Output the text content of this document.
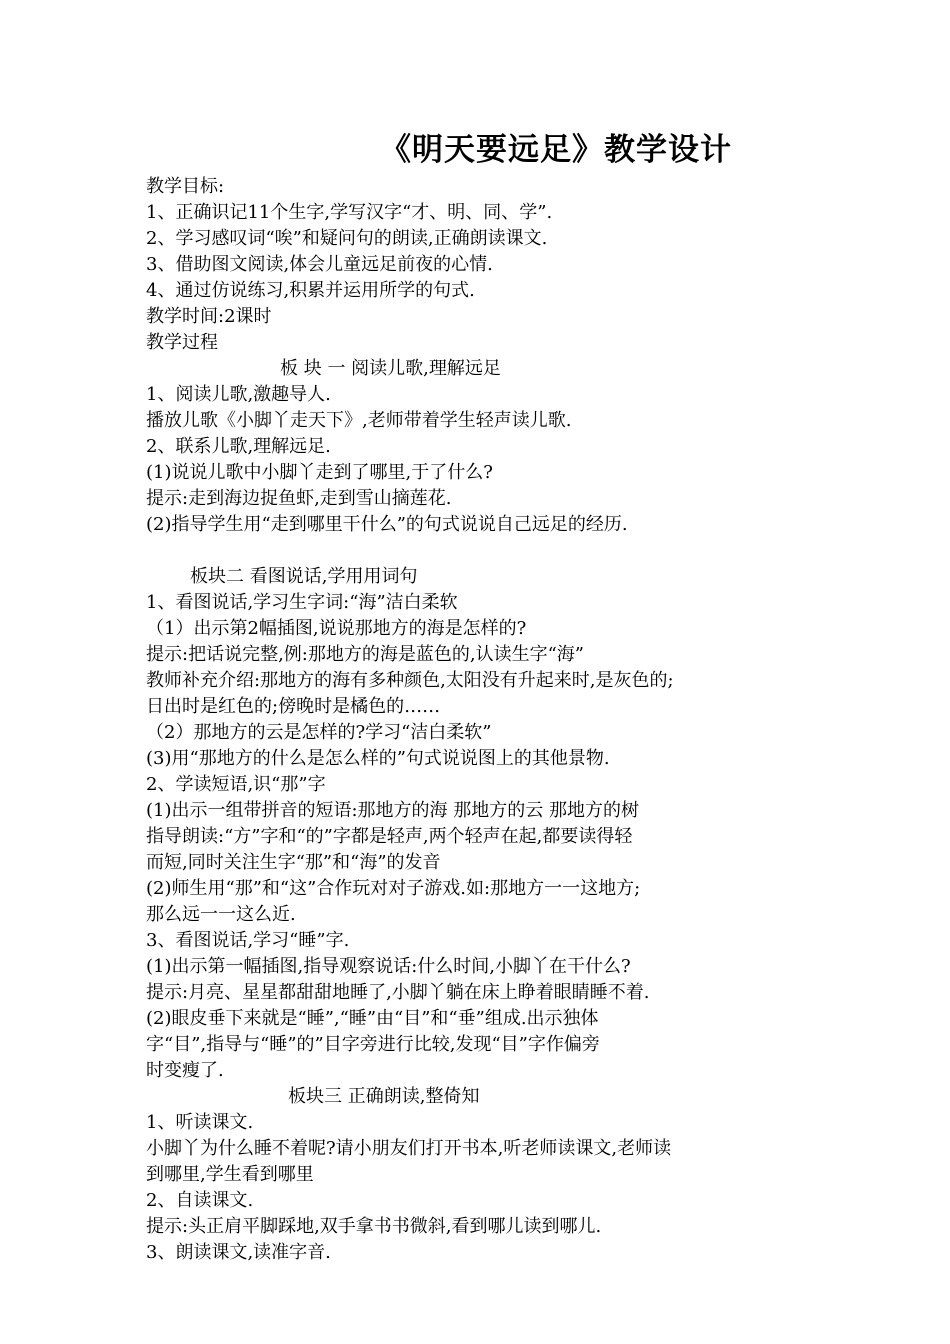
《明天要远足》教学设计
教学目标:
1、正确识记11个生字,学写汉字“才、明、同、学”.
2、学习感叹词“唉”和疑问句的朗读,正确朗读课文.
3、借助图文阅读,体会儿童远足前夜的心情.
4、通过仿说练习,积累并运用所学的句式.
教学时间:2课时
教学过程
板 块 一 阅读儿歌,理解远足
1、阅读儿歌,激趣导人.
播放儿歌《小脚丫走天下》,老师带着学生轻声读儿歌.
2、联系儿歌,理解远足.
(1)说说儿歌中小脚丫走到了哪里,于了什么?
提示:走到海边捉鱼虾,走到雪山摘莲花.
(2)指导学生用“走到哪里干什么”的句式说说自己远足的经历.
板块二 看图说话,学用用词句
1、看图说话,学习生字词:“海”洁白柔软
（1）出示第2幅插图,说说那地方的海是怎样的?
提示:把话说完整,例:那地方的海是蓝色的,认读生字“海”
教师补充介绍:那地方的海有多种颜色,太阳没有升起来时,是灰色的;
日出时是红色的;傍晚时是橘色的……
（2）那地方的云是怎样的?学习“洁白柔软”
(3)用“那地方的什么是怎么样的”句式说说图上的其他景物.
2、学读短语,识“那”字
(1)出示一组带拼音的短语:那地方的海 那地方的云 那地方的树
指导朗读:“方”字和“的”字都是轻声,两个轻声在起,都要读得轻
而短,同时关注生字“那”和“海”的发音
(2)师生用“那”和“这”合作玩对对子游戏.如:那地方一一这地方;
那么远一一这么近.
3、看图说话,学习“睡”字.
(1)出示第一幅插图,指导观察说话:什么时间,小脚丫在干什么?
提示:月亮、星星都甜甜地睡了,小脚丫躺在床上睁着眼睛睡不着.
(2)眼皮垂下来就是“睡”,“睡”由“目”和“垂”组成.出示独体
字“目”,指导与“睡”的”目字旁进行比较,发现“目”字作偏旁
时变瘦了.
板块三 正确朗读,整倚知
1、听读课文.
小脚丫为什么睡不着呢?请小朋友们打开书本,听老师读课文,老师读
到哪里,学生看到哪里
2、自读课文.
提示:头正肩平脚踩地,双手拿书书微斜,看到哪儿读到哪儿.
3、朗读课文,读准字音.
